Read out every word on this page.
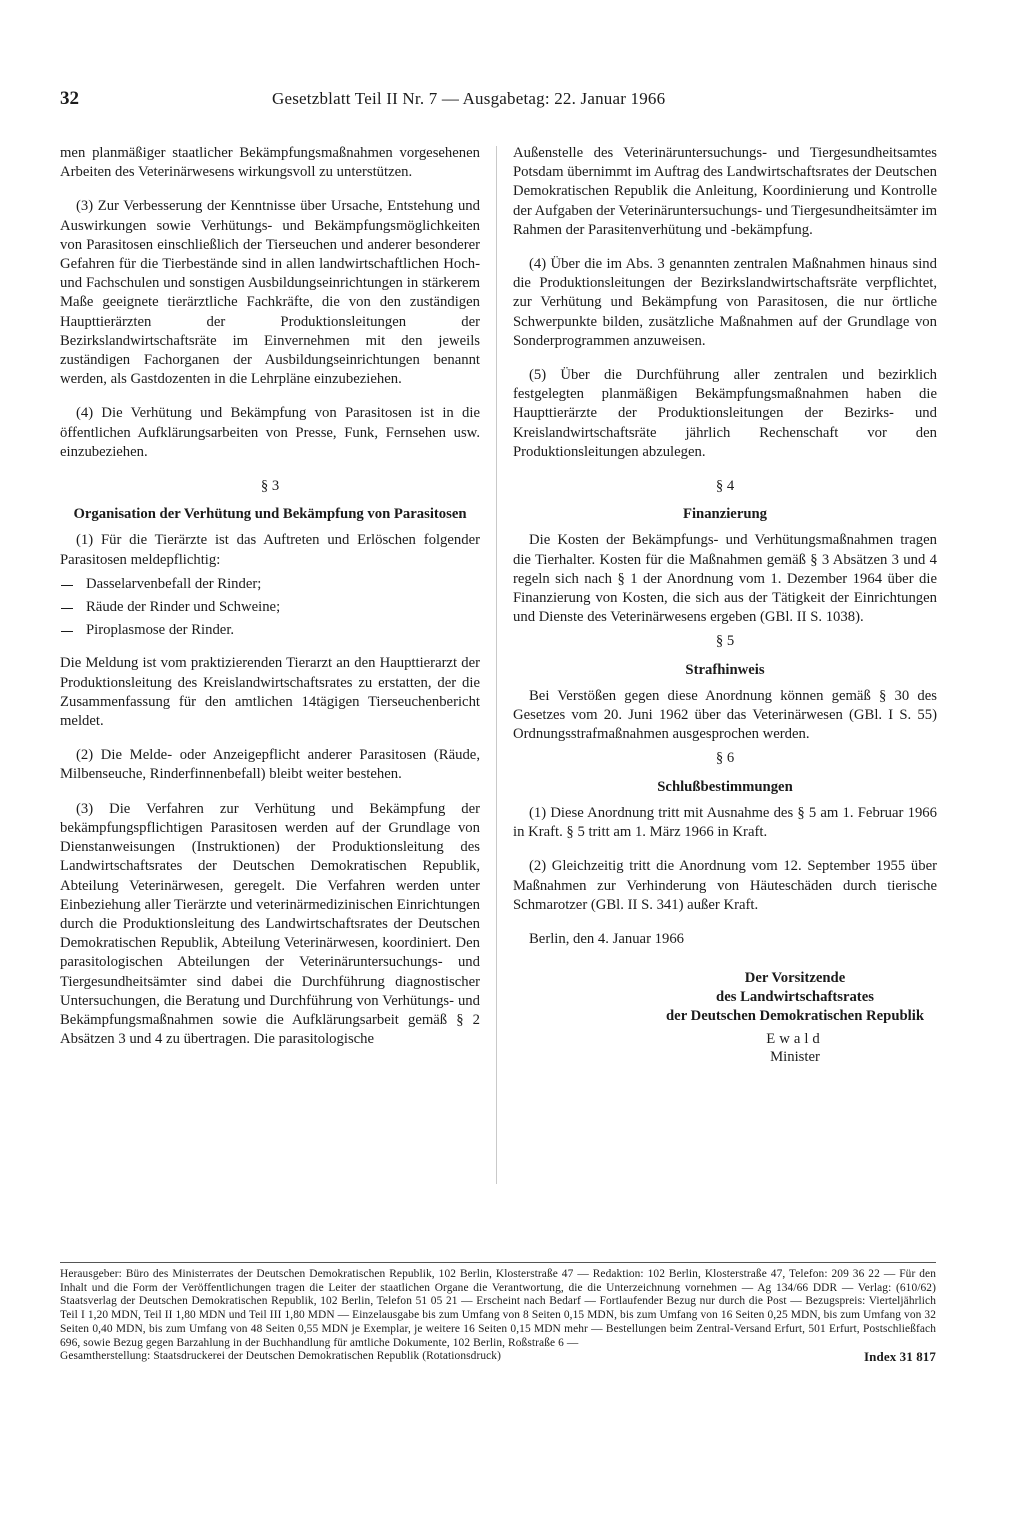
32	Gesetzblatt Teil II Nr. 7 — Ausgabetag: 22. Januar 1966

men planmäßiger staatlicher Bekämpfungsmaßnahmen vorgesehenen Arbeiten des Veterinärwesens wirkungsvoll zu unterstützen.

(3) Zur Verbesserung der Kenntnisse über Ursache, Entstehung und Auswirkungen sowie Verhütungs- und Bekämpfungsmöglichkeiten von Parasitosen einschließlich der Tierseuchen und anderer besonderer Gefahren für die Tierbestände sind in allen landwirtschaftlichen Hoch- und Fachschulen und sonstigen Ausbildungseinrichtungen in stärkerem Maße geeignete tierärztliche Fachkräfte, die von den zuständigen Haupttierärzten der Produktionsleitungen der Bezirkslandwirtschaftsräte im Einvernehmen mit den jeweils zuständigen Fachorganen der Ausbildungseinrichtungen benannt werden, als Gastdozenten in die Lehrpläne einzubeziehen.

(4) Die Verhütung und Bekämpfung von Parasitosen ist in die öffentlichen Aufklärungsarbeiten von Presse, Funk, Fernsehen usw. einzubeziehen.

§ 3
Organisation der Verhütung und Bekämpfung von Parasitosen

(1) Für die Tierärzte ist das Auftreten und Erlöschen folgender Parasitosen meldepflichtig:

Dasselarvenbefall der Rinder;
Räude der Rinder und Schweine;
Piroplasmose der Rinder.

Die Meldung ist vom praktizierenden Tierarzt an den Haupttierarzt der Produktionsleitung des Kreislandwirtschaftsrates zu erstatten, der die Zusammenfassung für den amtlichen 14tägigen Tierseuchenbericht meldet.

(2) Die Melde- oder Anzeigepflicht anderer Parasitosen (Räude, Milbenseuche, Rinderfinnenbefall) bleibt weiter bestehen.

(3) Die Verfahren zur Verhütung und Bekämpfung der bekämpfungspflichtigen Parasitosen werden auf der Grundlage von Dienstanweisungen (Instruktionen) der Produktionsleitung des Landwirtschaftsrates der Deutschen Demokratischen Republik, Abteilung Veterinärwesen, geregelt. Die Verfahren werden unter Einbeziehung aller Tierärzte und veterinärmedizinischen Einrichtungen durch die Produktionsleitung des Landwirtschaftsrates der Deutschen Demokratischen Republik, Abteilung Veterinärwesen, koordiniert. Den parasitologischen Abteilungen der Veterinäruntersuchungs- und Tiergesundheitsämter sind dabei die Durchführung diagnostischer Untersuchungen, die Beratung und Durchführung von Verhütungs- und Bekämpfungsmaßnahmen sowie die Aufklärungsarbeit gemäß § 2 Absätzen 3 und 4 zu übertragen. Die parasitologische

Außenstelle des Veterinäruntersuchungs- und Tiergesundheitsamtes Potsdam übernimmt im Auftrag des Landwirtschaftsrates der Deutschen Demokratischen Republik die Anleitung, Koordinierung und Kontrolle der Aufgaben der Veterinäruntersuchungs- und Tiergesundheitsämter im Rahmen der Parasitenverhütung und -bekämpfung.

(4) Über die im Abs. 3 genannten zentralen Maßnahmen hinaus sind die Produktionsleitungen der Bezirkslandwirtschaftsräte verpflichtet, zur Verhütung und Bekämpfung von Parasitosen, die nur örtliche Schwerpunkte bilden, zusätzliche Maßnahmen auf der Grundlage von Sonderprogrammen anzuweisen.

(5) Über die Durchführung aller zentralen und bezirklich festgelegten planmäßigen Bekämpfungsmaßnahmen haben die Haupttierärzte der Produktionsleitungen der Bezirks- und Kreislandwirtschaftsräte jährlich Rechenschaft vor den Produktionsleitungen abzulegen.

§ 4
Finanzierung

Die Kosten der Bekämpfungs- und Verhütungsmaßnahmen tragen die Tierhalter. Kosten für die Maßnahmen gemäß § 3 Absätzen 3 und 4 regeln sich nach § 1 der Anordnung vom 1. Dezember 1964 über die Finanzierung von Kosten, die sich aus der Tätigkeit der Einrichtungen und Dienste des Veterinärwesens ergeben (GBl. II S. 1038).

§ 5
Strafhinweis

Bei Verstößen gegen diese Anordnung können gemäß § 30 des Gesetzes vom 20. Juni 1962 über das Veterinärwesen (GBl. I S. 55) Ordnungsstrafmaßnahmen ausgesprochen werden.

§ 6
Schlußbestimmungen

(1) Diese Anordnung tritt mit Ausnahme des § 5 am 1. Februar 1966 in Kraft. § 5 tritt am 1. März 1966 in Kraft.

(2) Gleichzeitig tritt die Anordnung vom 12. September 1955 über Maßnahmen zur Verhinderung von Häuteschäden durch tierische Schmarotzer (GBl. II S. 341) außer Kraft.

Berlin, den 4. Januar 1966
Der Vorsitzende
des Landwirtschaftsrates
der Deutschen Demokratischen Republik
Ewald
Minister
Herausgeber: Büro des Ministerrates der Deutschen Demokratischen Republik, 102 Berlin, Klosterstraße 47 — Redaktion: 102 Berlin, Klosterstraße 47, Telefon: 209 36 22 — Für den Inhalt und die Form der Veröffentlichungen tragen die Leiter der staatlichen Organe die Verantwortung, die die Unterzeichnung vornehmen — Ag 134/66 DDR — Verlag: (610/62) Staatsverlag der Deutschen Demokratischen Republik, 102 Berlin, Telefon 51 05 21 — Erscheint nach Bedarf — Fortlaufender Bezug nur durch die Post — Bezugspreis: Vierteljährlich Teil I 1,20 MDN, Teil II 1,80 MDN und Teil III 1,80 MDN — Einzelausgabe bis zum Umfang von 8 Seiten 0,15 MDN, bis zum Umfang von 16 Seiten 0,25 MDN, bis zum Umfang von 32 Seiten 0,40 MDN, bis zum Umfang von 48 Seiten 0,55 MDN je Exemplar, je weitere 16 Seiten 0,15 MDN mehr — Bestellungen beim Zentral-Versand Erfurt, 501 Erfurt, Postschließfach 696, sowie Bezug gegen Barzahlung in der Buchhandlung für amtliche Dokumente, 102 Berlin, Roßstraße 6 —
Gesamtherstellung: Staatsdruckerei der Deutschen Demokratischen Republik (Rotationsdruck)	Index 31 817
